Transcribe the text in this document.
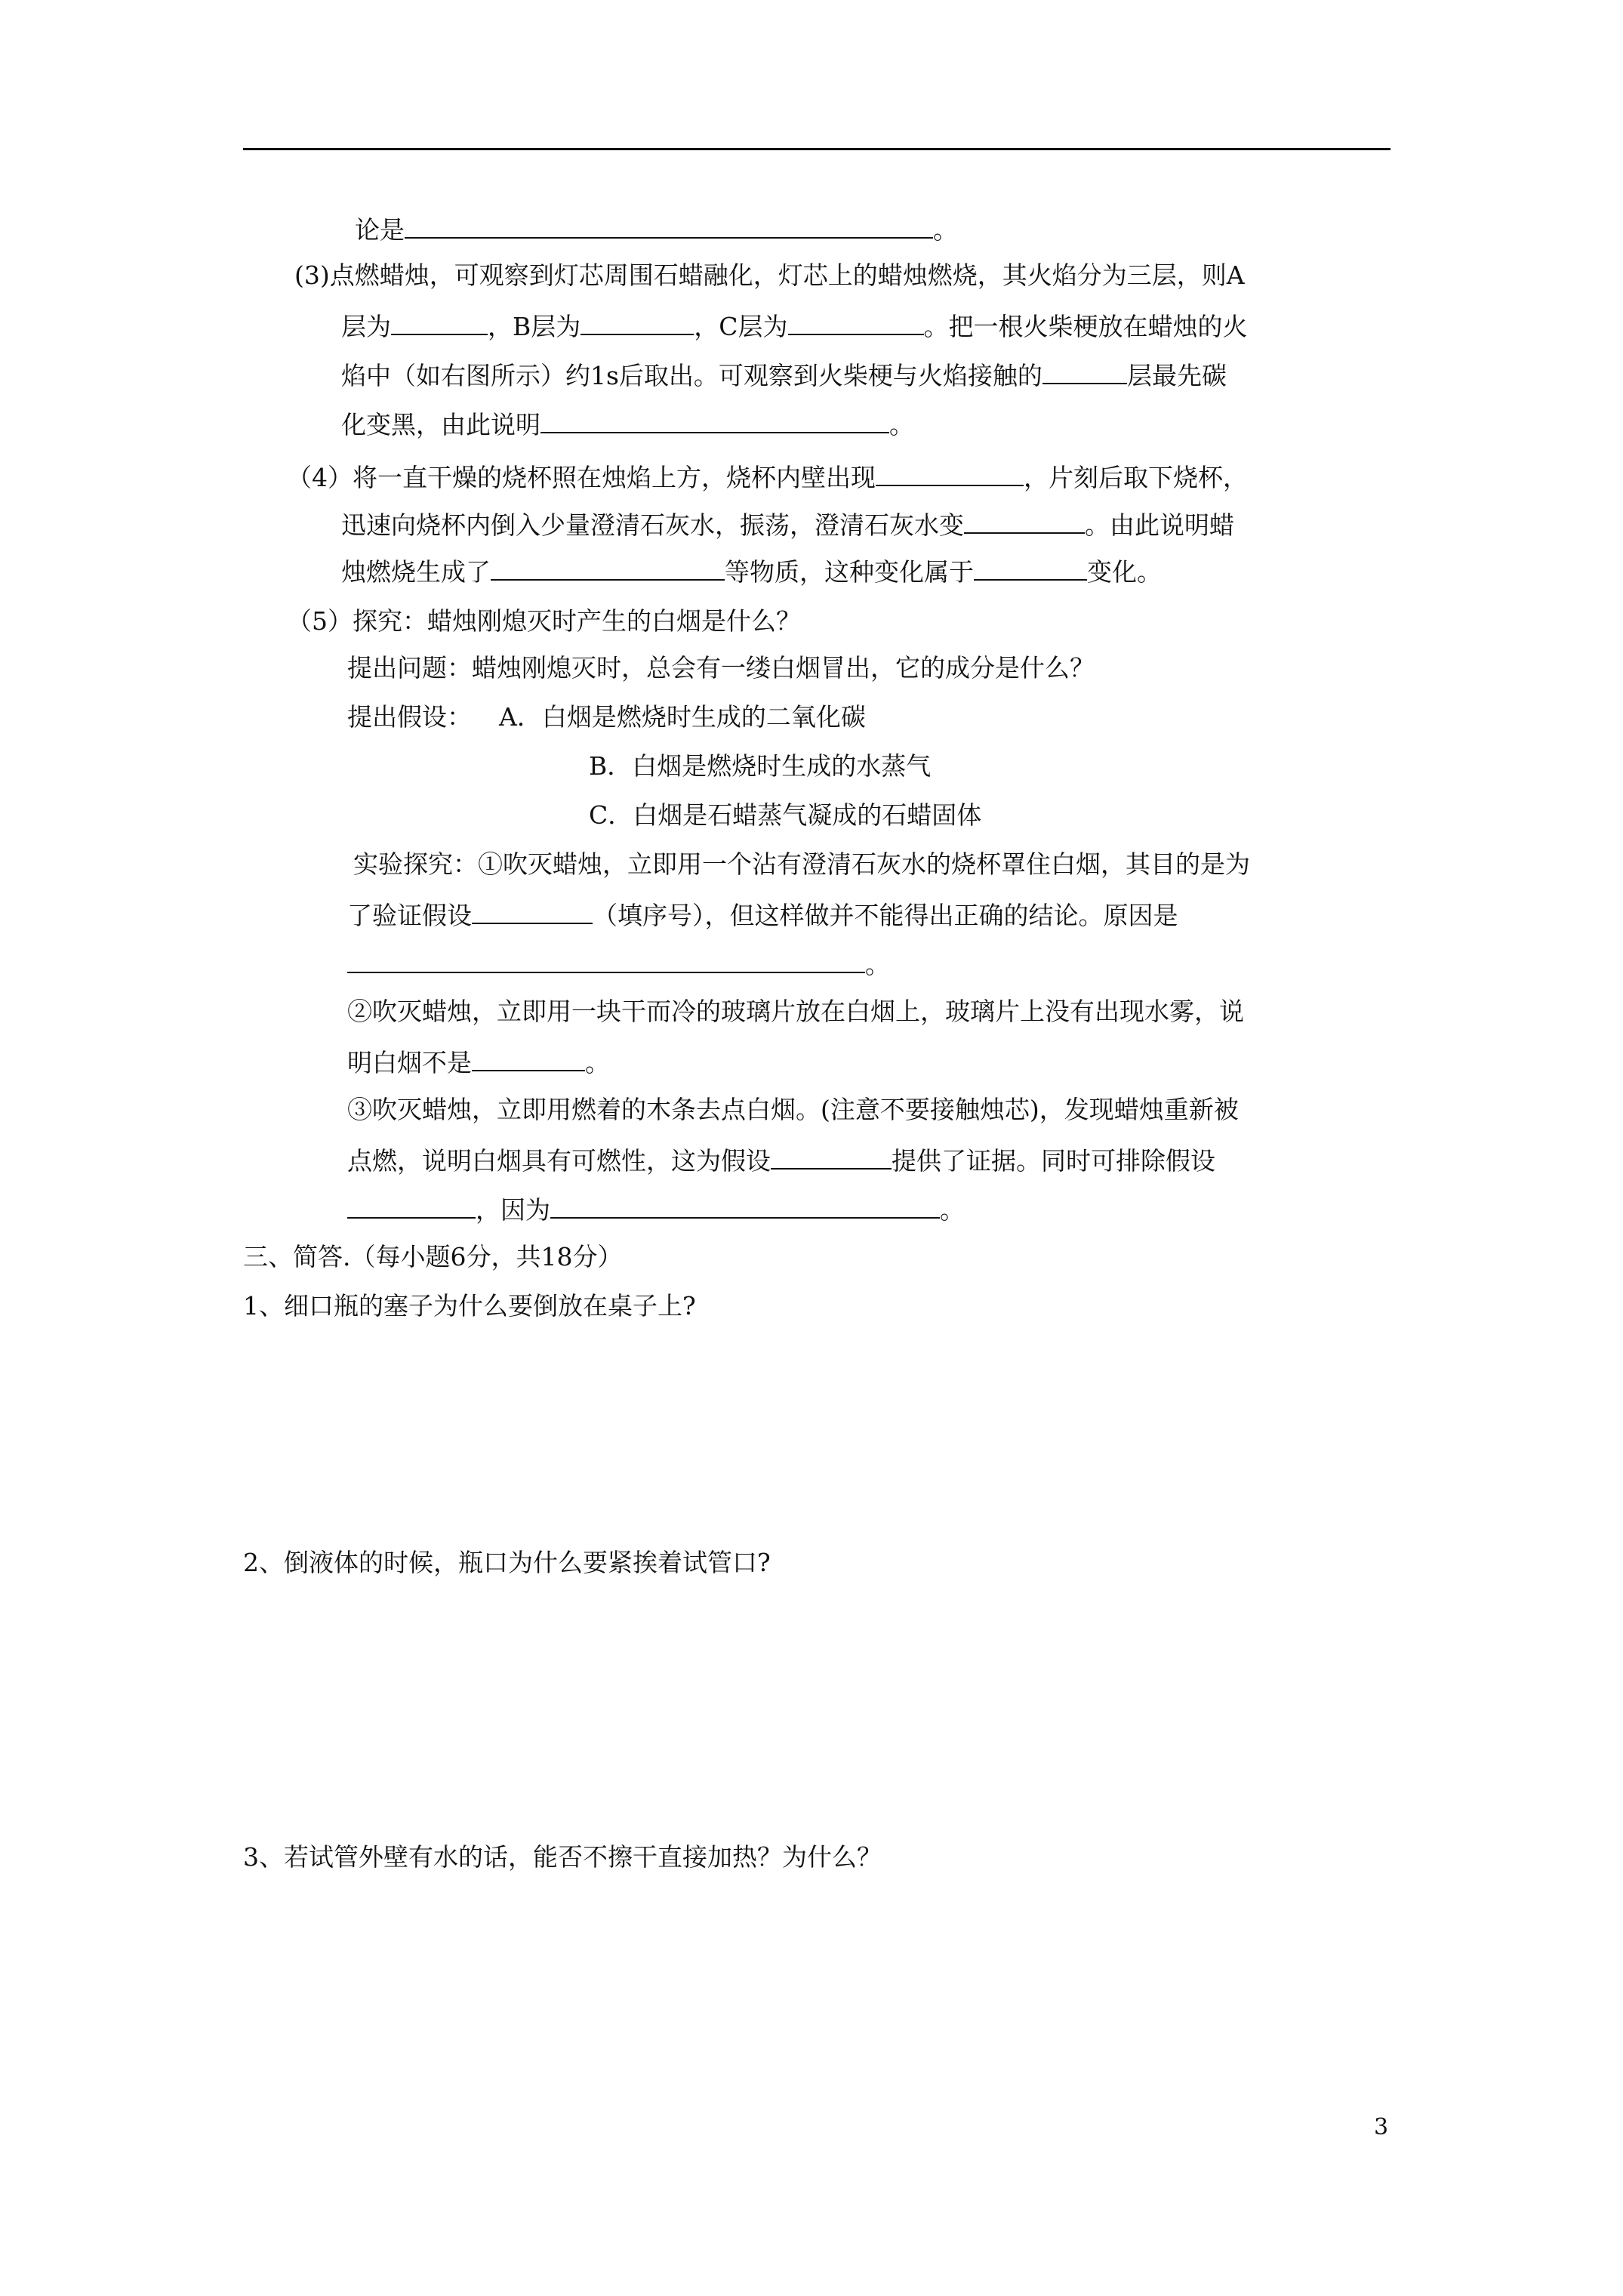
论是	。
(3)点燃蜡烛，可观察到灯芯周围石蜡融化，灯芯上的蜡烛燃烧，其火焰分为三层，则A
层为	，B层为	，C层为	。把一根火柴梗放在蜡烛的火
焰中（如右图所示）约1s后取出。可观察到火柴梗与火焰接触的	层最先碳
化变黑，由此说明	。
（4）将一直干燥的烧杯照在烛焰上方，烧杯内壁出现	，片刻后取下烧杯，
迅速向烧杯内倒入少量澄清石灰水，振荡，澄清石灰水变	。由此说明蜡
烛燃烧生成了	等物质，这种变化属于	变化。
（5）探究：蜡烛刚熄灭时产生的白烟是什么？
提出问题：蜡烛刚熄灭时，总会有一缕白烟冒出，它的成分是什么？
提出假设： A．白烟是燃烧时生成的二氧化碳
B．白烟是燃烧时生成的水蒸气
C．白烟是石蜡蒸气凝成的石蜡固体
实验探究：①吹灭蜡烛，立即用一个沾有澄清石灰水的烧杯罩住白烟，其目的是为
了验证假设	（填序号），但这样做并不能得出正确的结论。原因是
。
②吹灭蜡烛，立即用一块干而冷的玻璃片放在白烟上，玻璃片上没有出现水雾，说
明白烟不是	。
③吹灭蜡烛，立即用燃着的木条去点白烟。(注意不要接触烛芯)，发现蜡烛重新被
点燃，说明白烟具有可燃性，这为假设	提供了证据。同时可排除假设
，因为	。
三、简答.（每小题6分，共18分）
1、细口瓶的塞子为什么要倒放在桌子上?
2、倒液体的时候，瓶口为什么要紧挨着试管口?
3、若试管外壁有水的话，能否不擦干直接加热？为什么？
3
